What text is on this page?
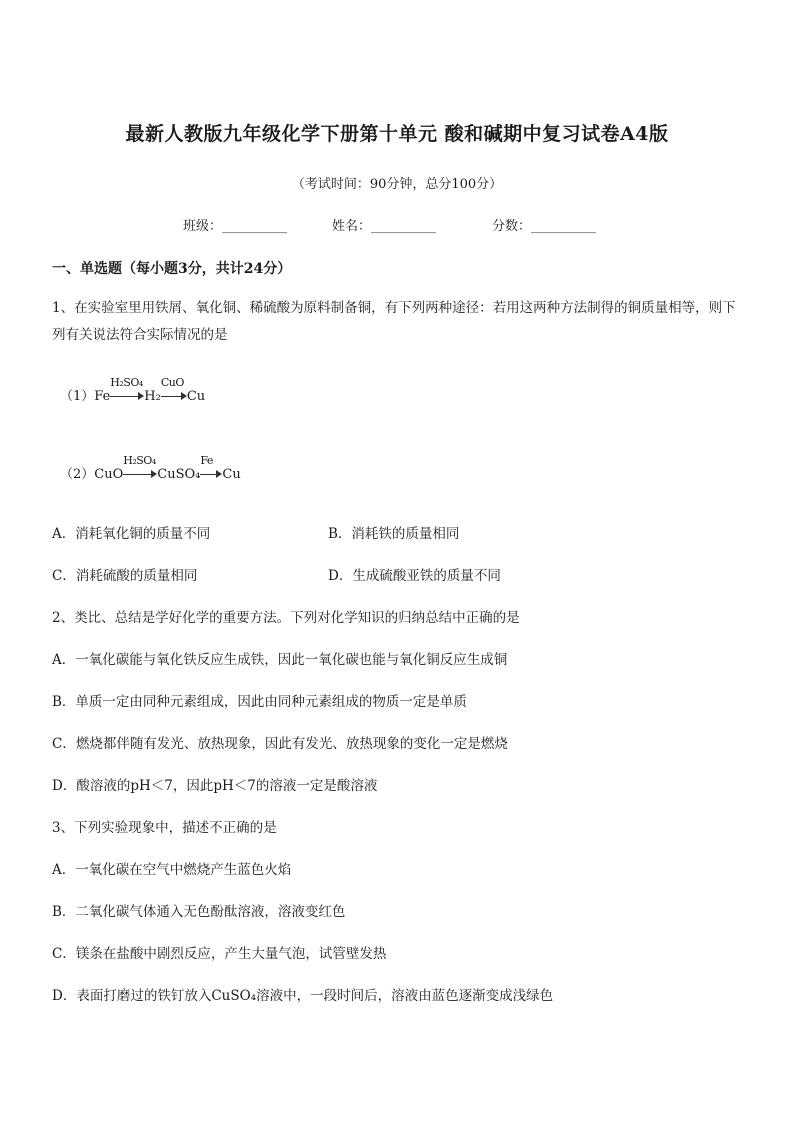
最新人教版九年级化学下册第十单元 酸和碱期中复习试卷A4版
（考试时间：90分钟，总分100分）
班级：__________	姓名：__________	分数：__________
一、单选题（每小题3分，共计24分）
1、在实验室里用铁屑、氧化铜、稀硫酸为原料制备铜，有下列两种途径：若用这两种方法制得的铜质量相等，则下列有关说法符合实际情况的是
（1）Fe
H₂SO₄
H₂
CuO
Cu
（2）CuO
H₂SO₄
CuSO₄
Fe
Cu
A．消耗氧化铜的质量不同	B．消耗铁的质量相同
C．消耗硫酸的质量相同	D．生成硫酸亚铁的质量不同
2、类比、总结是学好化学的重要方法。下列对化学知识的归纳总结中正确的是
A．一氧化碳能与氧化铁反应生成铁，因此一氧化碳也能与氧化铜反应生成铜
B．单质一定由同种元素组成，因此由同种元素组成的物质一定是单质
C．燃烧都伴随有发光、放热现象，因此有发光、放热现象的变化一定是燃烧
D．酸溶液的pH＜7，因此pH＜7的溶液一定是酸溶液
3、下列实验现象中，描述不正确的是
A．一氧化碳在空气中燃烧产生蓝色火焰
B．二氧化碳气体通入无色酚酞溶液，溶液变红色
C．镁条在盐酸中剧烈反应，产生大量气泡，试管壁发热
D．表面打磨过的铁钉放入CuSO₄溶液中，一段时间后，溶液由蓝色逐渐变成浅绿色
